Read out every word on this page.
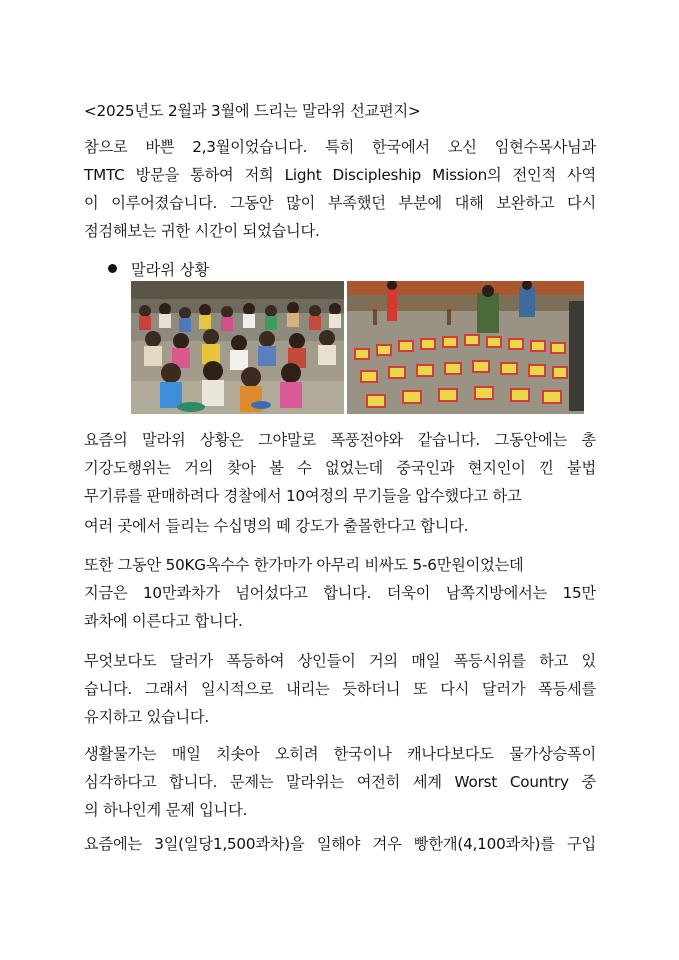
<2025년도 2월과 3월에 드리는 말라위 선교편지>
참으로 바쁜 2,3월이었습니다. 특히 한국에서 오신 임현수목사님과
TMTC 방문을 통하여 저희 Light Discipleship Mission의 전인적 사역
이 이루어졌습니다. 그동안 많이 부족했던 부분에 대해 보완하고 다시
점검해보는 귀한 시간이 되었습니다.
말라위 상황
요즘의 말라위 상황은 그야말로 폭풍전야와 같습니다. 그동안에는 총
기강도행위는 거의 찾아 볼 수 없었는데 중국인과 현지인이 낀 불법
무기류를 판매하려다 경찰에서 10여정의 무기들을 압수했다고 하고
여러 곳에서 들리는 수십명의 떼 강도가 출몰한다고 합니다.
또한 그동안 50KG옥수수 한가마가 아무리 비싸도 5-6만원이었는데
지금은 10만콰차가 넘어섰다고 합니다. 더욱이 남쪽지방에서는 15만
콰차에 이른다고 합니다.
무엇보다도 달러가 폭등하여 상인들이 거의 매일 폭등시위를 하고 있
습니다. 그래서 일시적으로 내리는 듯하더니 또 다시 달러가 폭등세를
유지하고 있습니다.
생활물가는 매일 치솟아 오히려 한국이나 캐나다보다도 물가상승폭이
심각하다고 합니다. 문제는 말라위는 여전히 세계 Worst Country 중
의 하나인게 문제 입니다.
요즘에는 3일(일당1,500콰차)을 일해야 겨우 빵한개(4,100콰차)를 구입
